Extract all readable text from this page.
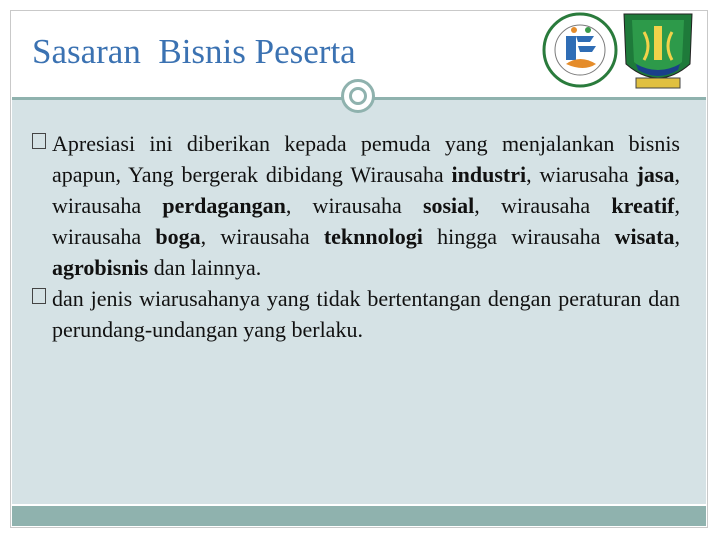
Sasaran  Bisnis Peserta
Apresiasi ini diberikan kepada pemuda yang menjalankan bisnis apapun, Yang bergerak dibidang Wirausaha industri, wiarusaha jasa, wirausaha perdagangan, wirausaha sosial, wirausaha kreatif, wirausaha boga, wirausaha teknnologi hingga wirausaha wisata, agrobisnis dan lainnya.
dan jenis wiarusahanya yang tidak bertentangan dengan peraturan dan perundang-undangan yang berlaku.
